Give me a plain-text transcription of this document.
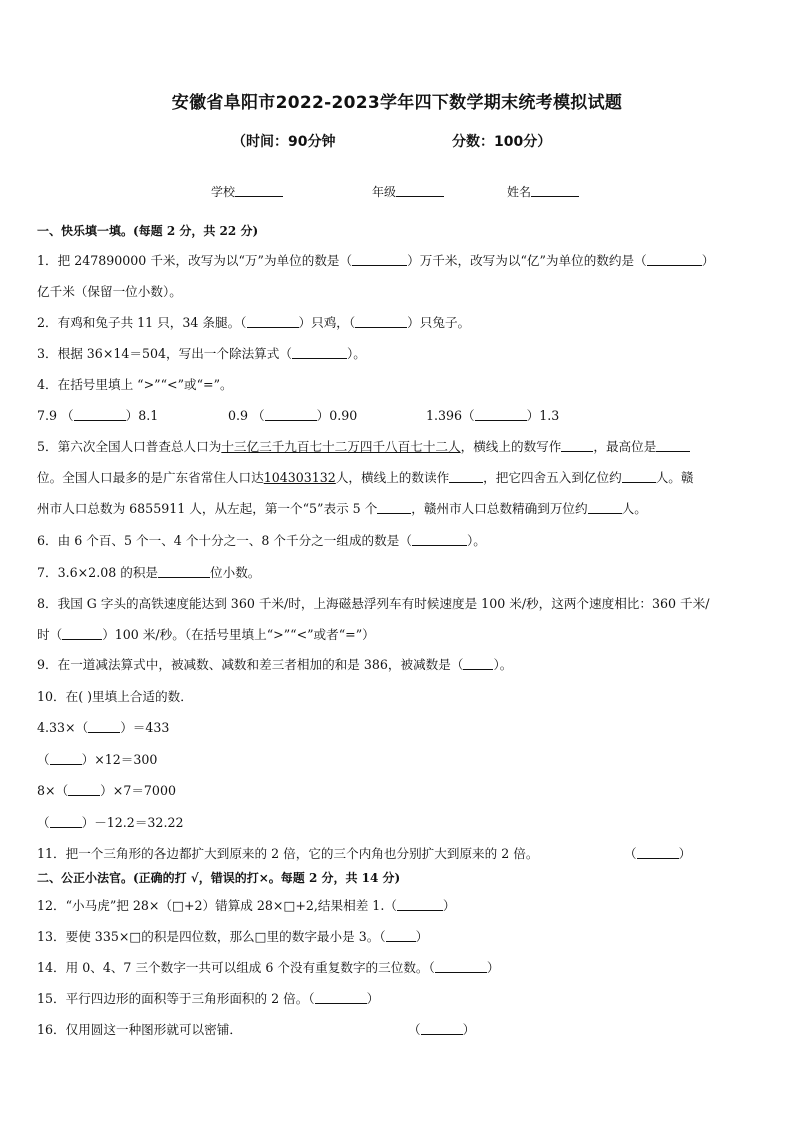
安徽省阜阳市2022-2023学年四下数学期末统考模拟试题
（时间：90分钟	分数：100分）
学校	年级	姓名
一、快乐填一填。(每题 2 分，共 22 分)
1．把 247890000 千米，改写为以“万”为单位的数是（	）万千米，改写为以“亿”为单位的数约是（	）
亿千米（保留一位小数）。
2．有鸡和兔子共 11 只，34 条腿。（	）只鸡，（	）只兔子。
3．根据 36×14＝504，写出一个除法算式（	）。
4．在括号里填上 “>”“<”或“=”。
7.9 （	）8.1	0.9 （	）0.90	1.396（	）1.3
5．第六次全国人口普查总人口为十三亿三千九百七十二万四千八百七十二人，横线上的数写作	，最高位是
位。全国人口最多的是广东省常住人口达104303132人，横线上的数读作	，把它四舍五入到亿位约	人。赣
州市人口总数为 6855911 人，从左起，第一个“5”表示 5 个	，赣州市人口总数精确到万位约	人。
6．由 6 个百、5 个一、4 个十分之一、8 个千分之一组成的数是（	）。
7．3.6×2.08 的积是	位小数。
8．我国 G 字头的高铁速度能达到 360 千米/时，上海磁悬浮列车有时候速度是 100 米/秒，这两个速度相比：360 千米/
时（	）100 米/秒。（在括号里填上“>”“<”或者“=”）
9．在一道减法算式中，被减数、减数和差三者相加的和是 386，被减数是（ ）。
10．在( )里填上合适的数．
4.33×（	）＝433
（	）×12＝300
8×（	）×7＝7000
（	）－12.2＝32.22
11．把一个三角形的各边都扩大到原来的 2 倍，它的三个内角也分别扩大到原来的 2 倍。	（	）
二、公正小法官。(正确的打 √，错误的打×。每题 2 分，共 14 分)
12．“小马虎”把 28×（□+2）错算成 28×□+2,结果相差 1.（	）
13．要使 335×□的积是四位数，那么□里的数字最小是 3。（ ）
14．用 0、4、7 三个数字一共可以组成 6 个没有重复数字的三位数。（	）
15．平行四边形的面积等于三角形面积的 2 倍。（	）
16．仅用圆这一种图形就可以密铺．	（	）
